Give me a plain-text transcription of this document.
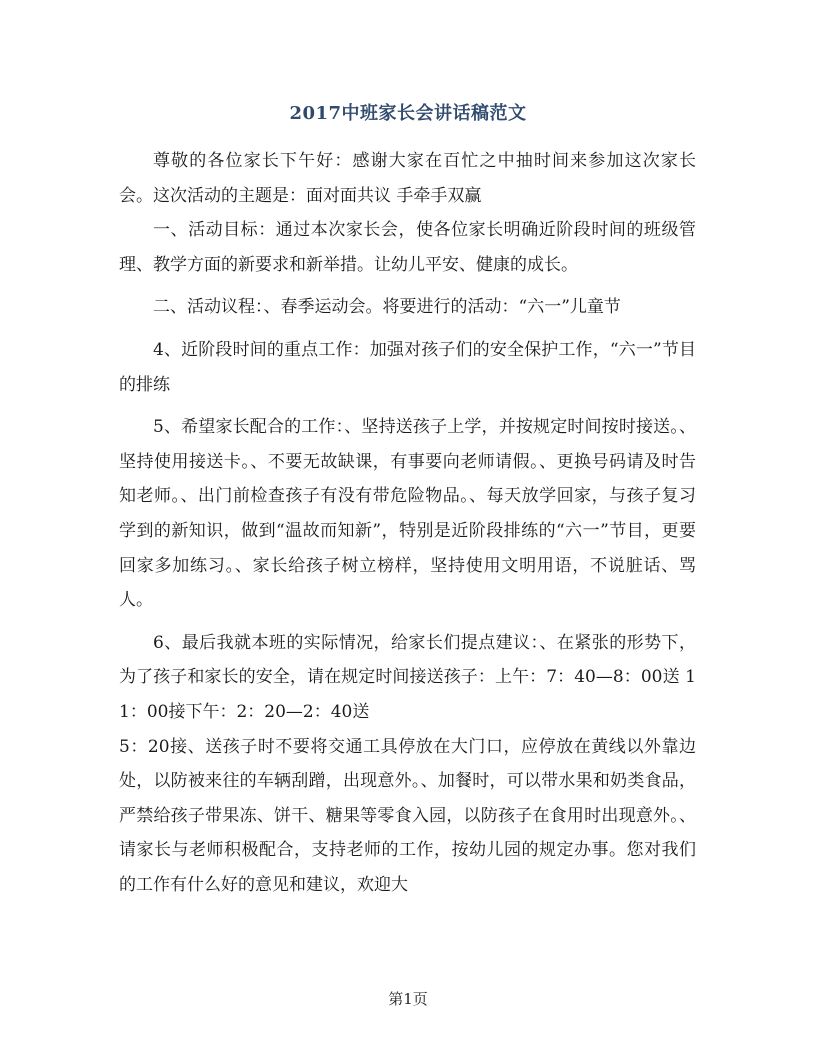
2017中班家长会讲话稿范文

尊敬的各位家长下午好：感谢大家在百忙之中抽时间来参加这次家长会。这次活动的主题是：面对面共议 手牵手双赢

一、活动目标：通过本次家长会，使各位家长明确近阶段时间的班级管理、教学方面的新要求和新举措。让幼儿平安、健康的成长。

二、活动议程：、春季运动会。将要进行的活动：“六一”儿童节

4、近阶段时间的重点工作：加强对孩子们的安全保护工作，“六一”节目的排练

5、希望家长配合的工作：、坚持送孩子上学，并按规定时间按时接送。、坚持使用接送卡。、不要无故缺课，有事要向老师请假。、更换号码请及时告知老师。、出门前检查孩子有没有带危险物品。、每天放学回家，与孩子复习学到的新知识，做到“温故而知新”，特别是近阶段排练的“六一”节目，更要回家多加练习。、家长给孩子树立榜样，坚持使用文明用语，不说脏话、骂人。

6、最后我就本班的实际情况，给家长们提点建议：、在紧张的形势下，为了孩子和家长的安全，请在规定时间接送孩子：上午：7：40—8：00送 11：00接下午：2：20—2：40送

5：20接、送孩子时不要将交通工具停放在大门口，应停放在黄线以外靠边处，以防被来往的车辆刮蹭，出现意外。、加餐时，可以带水果和奶类食品，严禁给孩子带果冻、饼干、糖果等零食入园，以防孩子在食用时出现意外。、请家长与老师积极配合，支持老师的工作，按幼儿园的规定办事。您对我们的工作有什么好的意见和建议，欢迎大

第1页
